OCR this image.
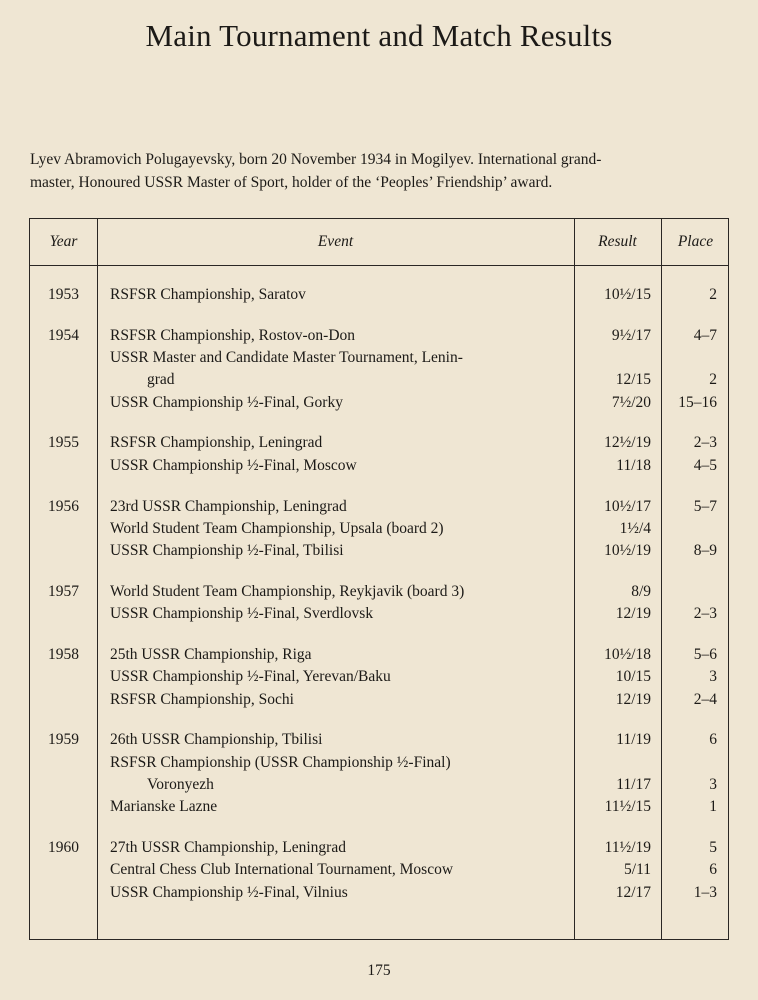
Main Tournament and Match Results

Lyev Abramovich Polugayevsky, born 20 November 1934 in Mogilyev. International grand-

master, Honoured USSR Master of Sport, holder of the ‘Peoples’ Friendship’ award.

Year	Event	Result	Place
1953	RSFSR Championship, Saratov	10½/15	2
1954	RSFSR Championship, Rostov-on-Don	9½/17	4–7
USSR Master and Candidate Master Tournament, Lenin-
grad	12/15	2
USSR Championship ½-Final, Gorky	7½/20	15–16
1955	RSFSR Championship, Leningrad	12½/19	2–3
USSR Championship ½-Final, Moscow	11/18	4–5
1956	23rd USSR Championship, Leningrad	10½/17	5–7
World Student Team Championship, Upsala (board 2)	1½/4
USSR Championship ½-Final, Tbilisi	10½/19	8–9
1957	World Student Team Championship, Reykjavik (board 3)	8/9
USSR Championship ½-Final, Sverdlovsk	12/19	2–3
1958	25th USSR Championship, Riga	10½/18	5–6
USSR Championship ½-Final, Yerevan/Baku	10/15	3
RSFSR Championship, Sochi	12/19	2–4
1959	26th USSR Championship, Tbilisi	11/19	6
RSFSR Championship (USSR Championship ½-Final)
Voronyezh	11/17	3
Marianske Lazne	11½/15	1
1960	27th USSR Championship, Leningrad	11½/19	5
Central Chess Club International Tournament, Moscow	5/11	6
USSR Championship ½-Final, Vilnius	12/17	1–3
175
